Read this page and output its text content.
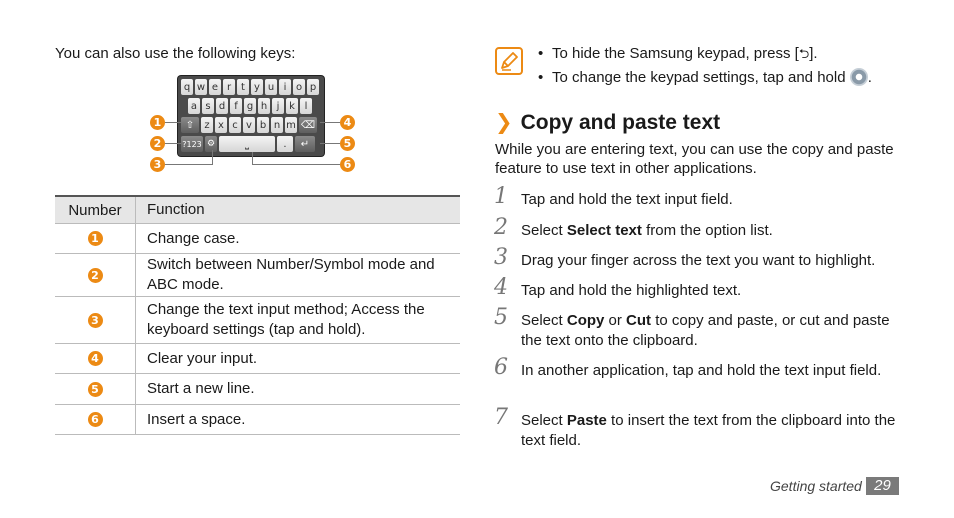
You can also use the following keys:
q w e r t y u i o p
a s d f g h j k l
⇧	z x c v b n m ⌫
?123 ⚙	⎵	.	↵
1
2
3
4
5
6
Number	Function

1	Change case.

2	Switch between Number/Symbol mode and ABC mode.

3	Change the text input method; Access the keyboard settings (tap and hold).

4	Clear your input.

5	Start a new line.

6	Insert a space.
• To hide the Samsung keypad, press [⮌].
• To change the keypad settings, tap and hold .
❯ Copy and paste text
While you are entering text, you can use the copy and paste feature to use text in other applications.
1 Tap and hold the text input field.
2 Select Select text from the option list.
3 Drag your finger across the text you want to highlight.
4 Tap and hold the highlighted text.
5 Select Copy or Cut to copy and paste, or cut and paste the text onto the clipboard.
6 In another application, tap and hold the text input field.
7 Select Paste to insert the text from the clipboard into the text field.
Getting started 29
